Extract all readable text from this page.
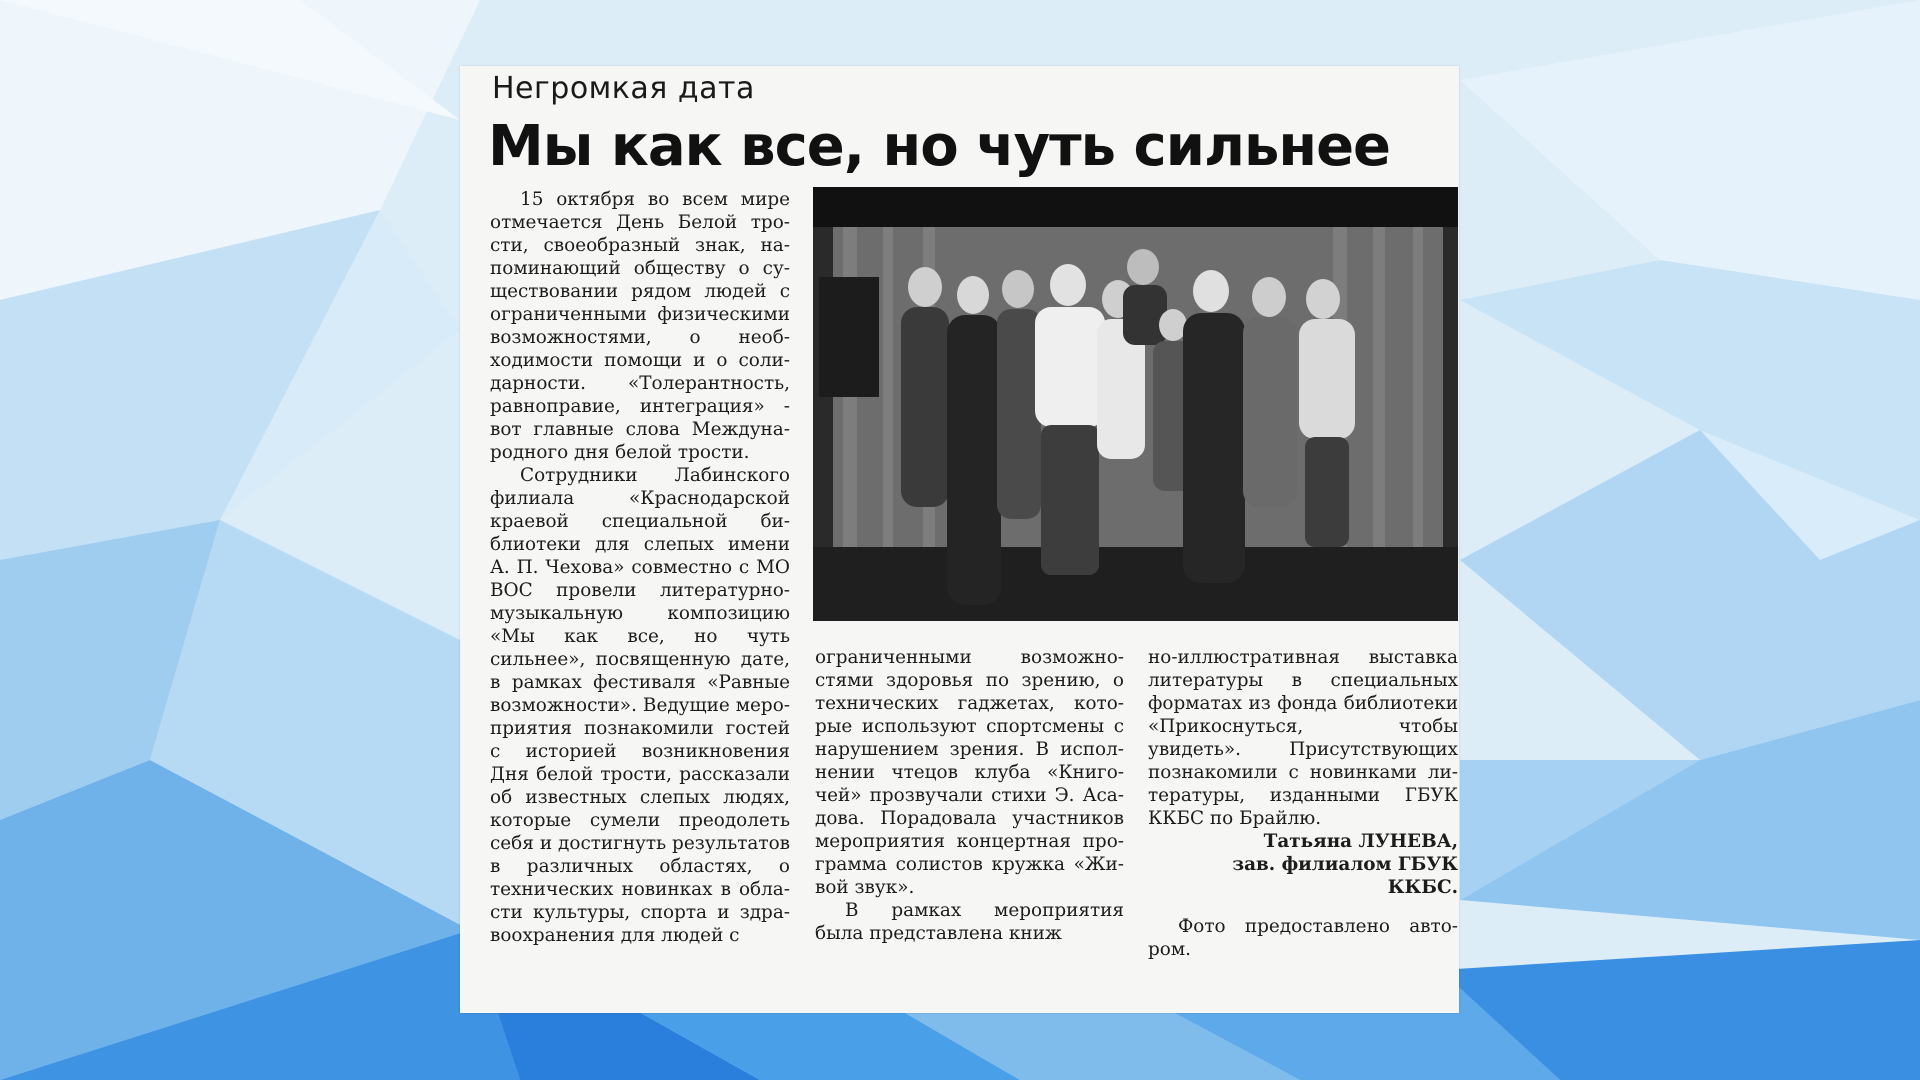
Негромкая дата
Мы как все, но чуть сильнее

15 октября во всем мире отмечается День Белой трости, своеобразный знак, напоминающий обществу о существовании рядом людей с ограниченными физическими возможностями, о необходимости помощи и о солидарности. «Толерантность, равноправие, интеграция» - вот главные слова Международного дня белой трости.

Сотрудники Лабинского филиала «Краснодарской краевой специальной библиотеки для слепых имени А. П. Чехова» совместно с МО ВОС провели литературно-музыкальную композицию «Мы как все, но чуть сильнее», посвященную дате, в рамках фестиваля «Равные возможности». Ведущие мероприятия познакомили гостей с историей возникновения Дня белой трости, рассказали об известных слепых людях, которые сумели преодолеть себя и достигнуть результатов в различных областях, о технических новинках в области культуры, спорта и здравоохранения для людей с

ограниченными возможностями здоровья по зрению, о технических гаджетах, которые используют спортсмены с нарушением зрения. В исполнении чтецов клуба «Книгочей» прозвучали стихи Э. Асадова. Порадовала участников мероприятия концертная программа солистов кружка «Живой звук».

В рамках мероприятия была представлена книж

но-иллюстративная выставка литературы в специальных форматах из фонда библиотеки «Прикоснуться, чтобы увидеть». Присутствующих познакомили с новинками литературы, изданными ГБУК ККБС по Брайлю.

Татьяна ЛУНЕВА,

зав. филиалом ГБУК ККБС.

Фото предоставлено автором.
